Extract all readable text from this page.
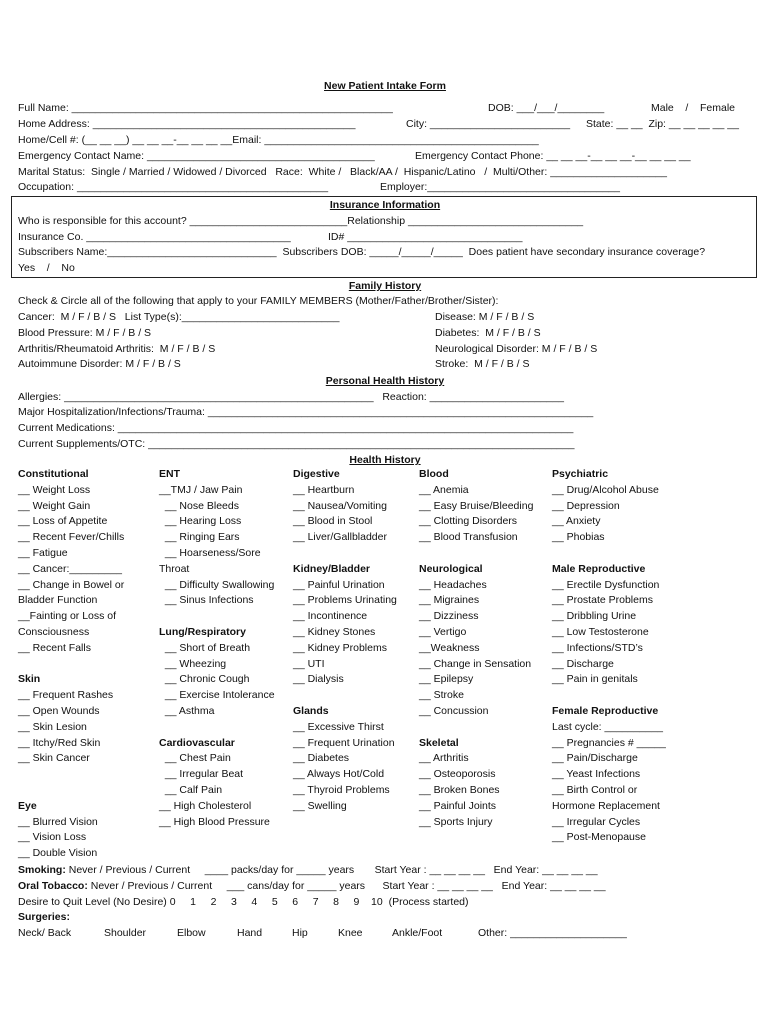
New Patient Intake Form
Full Name: _______________________________________________________	DOB: ___/___/________	Male    /    Female
Home Address: _____________________________________________	City: ________________________ State: __ __  Zip: __ __ __ __ __
Home/Cell #: (__ __ __) __ __ __-__ __ __ __Email: _______________________________________________
Emergency Contact Name: _______________________________________	Emergency Contact Phone: __ __ __-__ __ __-__ __ __ __
Marital Status:  Single / Married / Widowed / Divorced   Race:  White /   Black/AA /  Hispanic/Latino   /  Multi/Other: ____________________
Occupation: ___________________________________________	Employer:_________________________________
Insurance Information
Who is responsible for this account? ___________________________Relationship ______________________________
Insurance Co. ___________________________________	ID# ______________________________
Subscribers Name:_____________________________  Subscribers DOB: _____/_____/_____  Does patient have secondary insurance coverage?
Yes    /    No
Family History
Check & Circle all of the following that apply to your FAMILY MEMBERS (Mother/Father/Brother/Sister):
Cancer:  M / F / B / S   List Type(s):___________________________
Blood Pressure: M / F / B / S
Arthritis/Rheumatoid Arthritis:  M / F / B / S
Autoimmune Disorder: M / F / B / S
Disease: M / F / B / S
Diabetes:  M / F / B / S
Neurological Disorder: M / F / B / S
Stroke:  M / F / B / S
Personal Health History
Allergies: _____________________________________________________   Reaction: _______________________
Major Hospitalization/Infections/Trauma: __________________________________________________________________
Current Medications: ______________________________________________________________________________
Current Supplements/OTC: _________________________________________________________________________
Health History
Constitutional
__ Weight Loss
__ Weight Gain
__ Loss of Appetite
__ Recent Fever/Chills
__ Fatigue
__ Cancer:_________
__ Change in Bowel or
Bladder Function
__Fainting or Loss of
Consciousness
__ Recent Falls
Skin
__ Frequent Rashes
__ Open Wounds
__ Skin Lesion
__ Itchy/Red Skin
__ Skin Cancer
Eye
__ Blurred Vision
__ Vision Loss
__ Double Vision
ENT
__TMJ / Jaw Pain
__ Nose Bleeds
__ Hearing Loss
__ Ringing Ears
__ Hoarseness/Sore
Throat
__ Difficulty Swallowing
__ Sinus Infections
Lung/Respiratory
__ Short of Breath
__ Wheezing
__ Chronic Cough
__ Exercise Intolerance
__ Asthma
Cardiovascular
__ Chest Pain
__ Irregular Beat
__ Calf Pain
__ High Cholesterol
__ High Blood Pressure
Digestive
__ Heartburn
__ Nausea/Vomiting
__ Blood in Stool
__ Liver/Gallbladder
Kidney/Bladder
__ Painful Urination
__ Problems Urinating
__ Incontinence
__ Kidney Stones
__ Kidney Problems
__ UTI
__ Dialysis
Glands
__ Excessive Thirst
__ Frequent Urination
__ Diabetes
__ Always Hot/Cold
__ Thyroid Problems
__ Swelling
Blood
__ Anemia
__ Easy Bruise/Bleeding
__ Clotting Disorders
__ Blood Transfusion
Neurological
__ Headaches
__ Migraines
__ Dizziness
__ Vertigo
__Weakness
__ Change in Sensation
__ Epilepsy
__ Stroke
__ Concussion
Skeletal
__ Arthritis
__ Osteoporosis
__ Broken Bones
__ Painful Joints
__ Sports Injury
Psychiatric
__ Drug/Alcohol Abuse
__ Depression
__ Anxiety
__ Phobias
Male Reproductive
__ Erectile Dysfunction
__ Prostate Problems
__ Dribbling Urine
__ Low Testosterone
__ Infections/STD’s
__ Discharge
__ Pain in genitals
Female Reproductive
Last cycle: __________
__ Pregnancies # _____
__ Pain/Discharge
__ Yeast Infections
__ Birth Control or
Hormone Replacement
__ Irregular Cycles
__ Post-Menopause
Smoking: Never / Previous / Current     ____ packs/day for _____ years       Start Year : __ __ __ __   End Year: __ __ __ __
Oral Tobacco: Never / Previous / Current     ___ cans/day for _____ years      Start Year : __ __ __ __   End Year: __ __ __ __
Desire to Quit Level (No Desire) 0     1     2     3     4     5     6     7     8     9    10  (Process started)
Surgeries:
Neck/ Back	Shoulder	Elbow	Hand	Hip	Knee	Ankle/Foot	Other: ____________________
